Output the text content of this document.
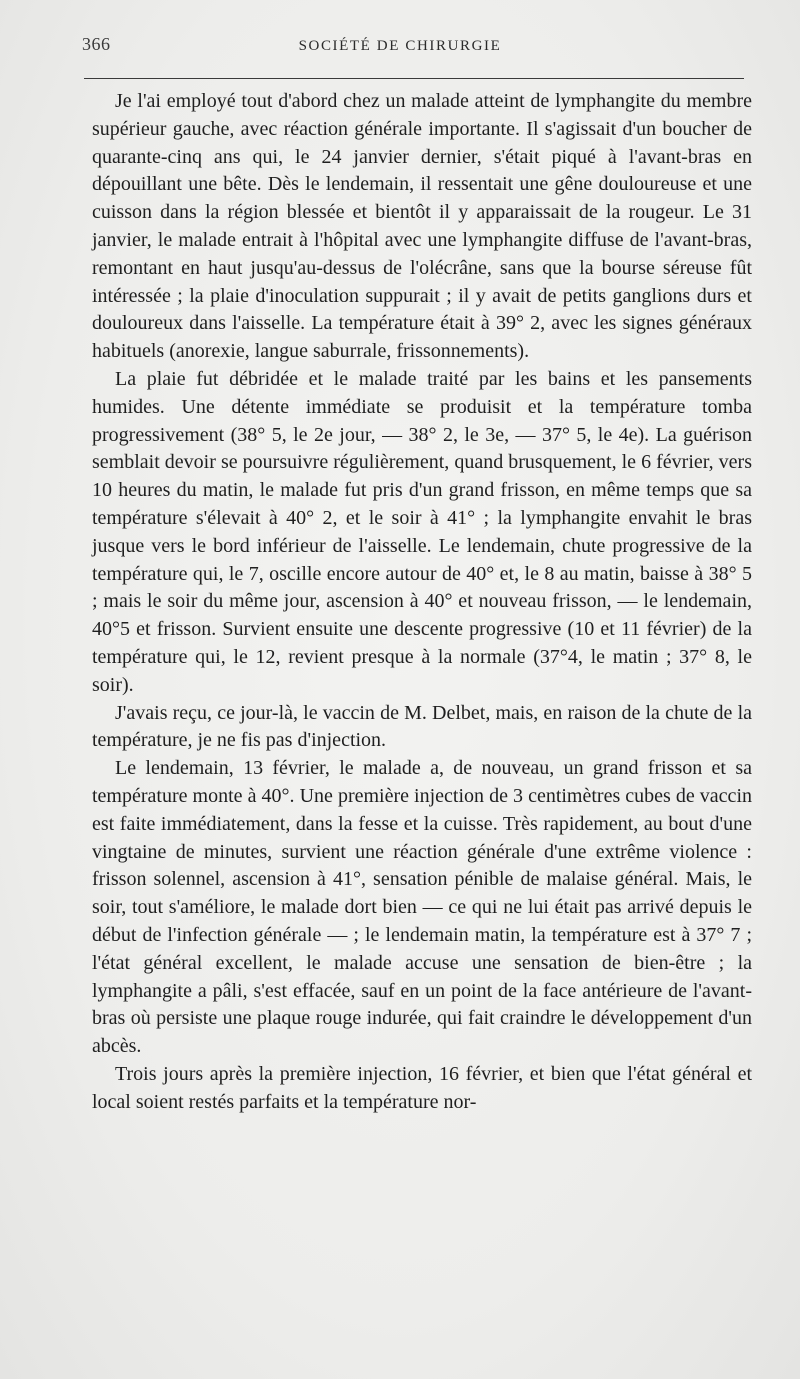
366	SOCIÉTÉ DE CHIRURGIE

Je l'ai employé tout d'abord chez un malade atteint de lymphangite du membre supérieur gauche, avec réaction générale importante. Il s'agissait d'un boucher de quarante-cinq ans qui, le 24 janvier dernier, s'était piqué à l'avant-bras en dépouillant une bête. Dès le lendemain, il ressentait une gêne douloureuse et une cuisson dans la région blessée et bientôt il y apparaissait de la rougeur. Le 31 janvier, le malade entrait à l'hôpital avec une lymphangite diffuse de l'avant-bras, remontant en haut jusqu'au-dessus de l'olécrâne, sans que la bourse séreuse fût intéressée ; la plaie d'inoculation suppurait ; il y avait de petits ganglions durs et douloureux dans l'aisselle. La température était à 39° 2, avec les signes généraux habituels (anorexie, langue saburrale, frissonnements).

La plaie fut débridée et le malade traité par les bains et les pansements humides. Une détente immédiate se produisit et la température tomba progressivement (38° 5, le 2e jour, — 38° 2, le 3e, — 37° 5, le 4e). La guérison semblait devoir se poursuivre régulièrement, quand brusquement, le 6 février, vers 10 heures du matin, le malade fut pris d'un grand frisson, en même temps que sa température s'élevait à 40° 2, et le soir à 41° ; la lymphangite envahit le bras jusque vers le bord inférieur de l'aisselle. Le lendemain, chute progressive de la température qui, le 7, oscille encore autour de 40° et, le 8 au matin, baisse à 38° 5 ; mais le soir du même jour, ascension à 40° et nouveau frisson, — le lendemain, 40°5 et frisson. Survient ensuite une descente progressive (10 et 11 février) de la température qui, le 12, revient presque à la normale (37°4, le matin ; 37° 8, le soir).

J'avais reçu, ce jour-là, le vaccin de M. Delbet, mais, en raison de la chute de la température, je ne fis pas d'injection.

Le lendemain, 13 février, le malade a, de nouveau, un grand frisson et sa température monte à 40°. Une première injection de 3 centimètres cubes de vaccin est faite immédiatement, dans la fesse et la cuisse. Très rapidement, au bout d'une vingtaine de minutes, survient une réaction générale d'une extrême violence : frisson solennel, ascension à 41°, sensation pénible de malaise général. Mais, le soir, tout s'améliore, le malade dort bien — ce qui ne lui était pas arrivé depuis le début de l'infection générale — ; le lendemain matin, la température est à 37° 7 ; l'état général excellent, le malade accuse une sensation de bien-être ; la lymphangite a pâli, s'est effacée, sauf en un point de la face antérieure de l'avant-bras où persiste une plaque rouge indurée, qui fait craindre le développement d'un abcès.

Trois jours après la première injection, 16 février, et bien que l'état général et local soient restés parfaits et la température nor-
